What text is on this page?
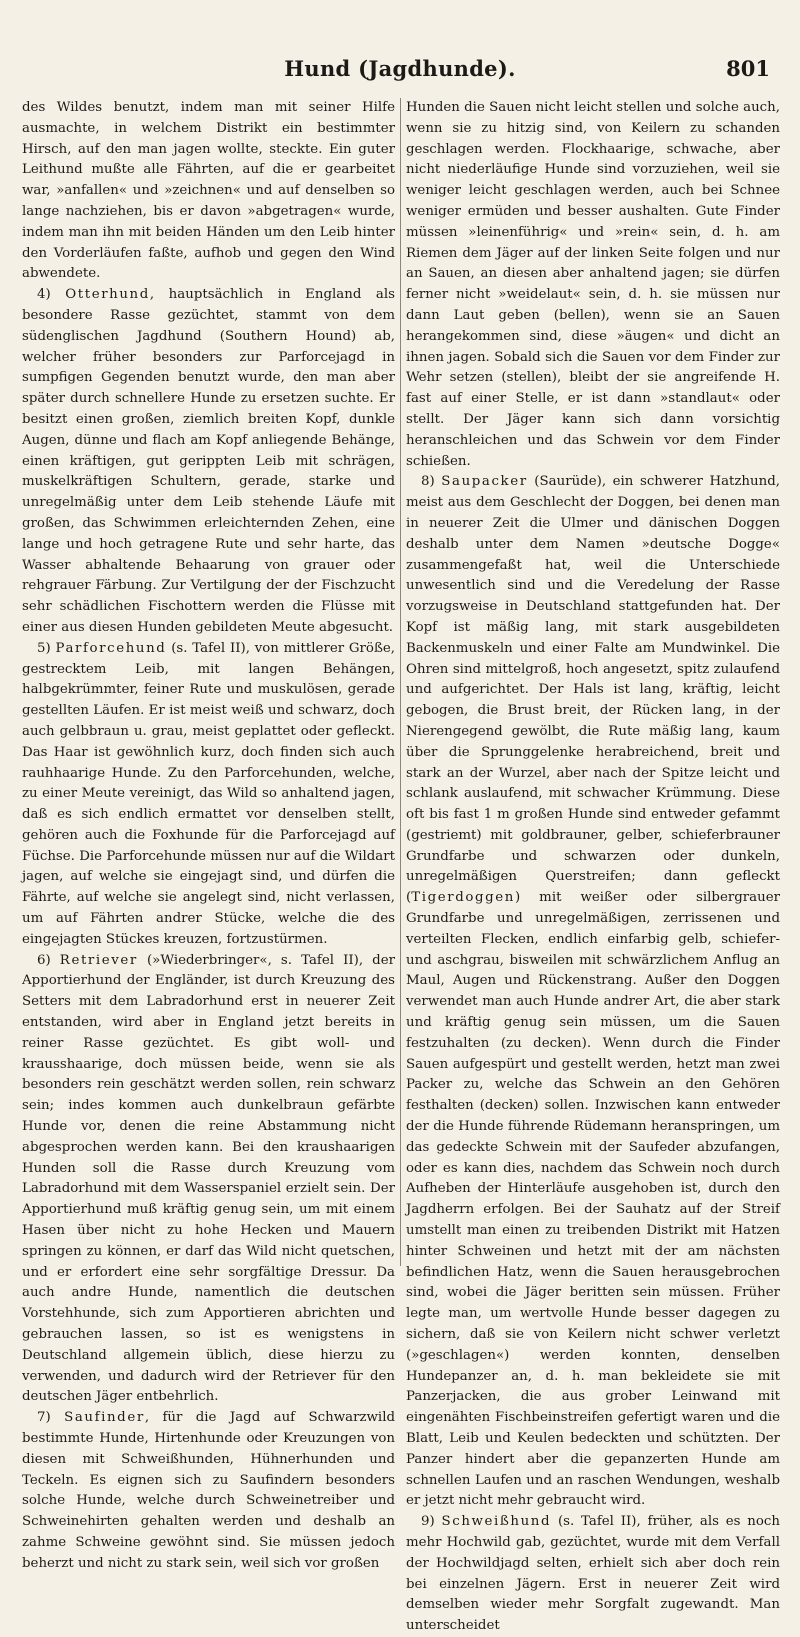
Hund (Jagdhunde).	801

des Wildes benutzt, indem man mit seiner Hilfe ausmachte, in welchem Distrikt ein bestimmter Hirsch, auf den man jagen wollte, steckte. Ein guter Leithund mußte alle Fährten, auf die er gearbeitet war, »anfallen« und »zeichnen« und auf denselben so lange nachziehen, bis er davon »abgetragen« wurde, indem man ihn mit beiden Händen um den Leib hinter den Vorderläufen faßte, aufhob und gegen den Wind abwendete.

4) Otterhund, hauptsächlich in England als besondere Rasse gezüchtet, stammt von dem südenglischen Jagdhund (Southern Hound) ab, welcher früher besonders zur Parforcejagd in sumpfigen Gegenden benutzt wurde, den man aber später durch schnellere Hunde zu ersetzen suchte. Er besitzt einen großen, ziemlich breiten Kopf, dunkle Augen, dünne und flach am Kopf anliegende Behänge, einen kräftigen, gut gerippten Leib mit schrägen, muskelkräftigen Schultern, gerade, starke und unregelmäßig unter dem Leib stehende Läufe mit großen, das Schwimmen erleichternden Zehen, eine lange und hoch getragene Rute und sehr harte, das Wasser abhaltende Behaarung von grauer oder rehgrauer Färbung. Zur Vertilgung der der Fischzucht sehr schädlichen Fischottern werden die Flüsse mit einer aus diesen Hunden gebildeten Meute abgesucht.

5) Parforcehund (s. Tafel II), von mittlerer Größe, gestrecktem Leib, mit langen Behängen, halbgekrümmter, feiner Rute und muskulösen, gerade gestellten Läufen. Er ist meist weiß und schwarz, doch auch gelbbraun u. grau, meist geplattet oder gefleckt. Das Haar ist gewöhnlich kurz, doch finden sich auch rauhhaarige Hunde. Zu den Parforcehunden, welche, zu einer Meute vereinigt, das Wild so anhaltend jagen, daß es sich endlich ermattet vor denselben stellt, gehören auch die Foxhunde für die Parforcejagd auf Füchse. Die Parforcehunde müssen nur auf die Wildart jagen, auf welche sie eingejagt sind, und dürfen die Fährte, auf welche sie angelegt sind, nicht verlassen, um auf Fährten andrer Stücke, welche die des eingejagten Stückes kreuzen, fortzustürmen.

6) Retriever (»Wiederbringer«, s. Tafel II), der Apportierhund der Engländer, ist durch Kreuzung des Setters mit dem Labradorhund erst in neuerer Zeit entstanden, wird aber in England jetzt bereits in reiner Rasse gezüchtet. Es gibt woll- und krausshaarige, doch müssen beide, wenn sie als besonders rein geschätzt werden sollen, rein schwarz sein; indes kommen auch dunkelbraun gefärbte Hunde vor, denen die reine Abstammung nicht abgesprochen werden kann. Bei den kraushaarigen Hunden soll die Rasse durch Kreuzung vom Labradorhund mit dem Wasserspaniel erzielt sein. Der Apportierhund muß kräftig genug sein, um mit einem Hasen über nicht zu hohe Hecken und Mauern springen zu können, er darf das Wild nicht quetschen, und er erfordert eine sehr sorgfältige Dressur. Da auch andre Hunde, namentlich die deutschen Vorstehhunde, sich zum Apportieren abrichten und gebrauchen lassen, so ist es wenigstens in Deutschland allgemein üblich, diese hierzu zu verwenden, und dadurch wird der Retriever für den deutschen Jäger entbehrlich.

7) Saufinder, für die Jagd auf Schwarzwild bestimmte Hunde, Hirtenhunde oder Kreuzungen von diesen mit Schweißhunden, Hühnerhunden und Teckeln. Es eignen sich zu Saufindern besonders solche Hunde, welche durch Schweinetreiber und Schweinehirten gehalten werden und deshalb an zahme Schweine gewöhnt sind. Sie müssen jedoch beherzt und nicht zu stark sein, weil sich vor großen

Hunden die Sauen nicht leicht stellen und solche auch, wenn sie zu hitzig sind, von Keilern zu schanden geschlagen werden. Flockhaarige, schwache, aber nicht niederläufige Hunde sind vorzuziehen, weil sie weniger leicht geschlagen werden, auch bei Schnee weniger ermüden und besser aushalten. Gute Finder müssen »leinenführig« und »rein« sein, d. h. am Riemen dem Jäger auf der linken Seite folgen und nur an Sauen, an diesen aber anhaltend jagen; sie dürfen ferner nicht »weidelaut« sein, d. h. sie müssen nur dann Laut geben (bellen), wenn sie an Sauen herangekommen sind, diese »äugen« und dicht an ihnen jagen. Sobald sich die Sauen vor dem Finder zur Wehr setzen (stellen), bleibt der sie angreifende H. fast auf einer Stelle, er ist dann »standlaut« oder stellt. Der Jäger kann sich dann vorsichtig heranschleichen und das Schwein vor dem Finder schießen.

8) Saupacker (Saurüde), ein schwerer Hatzhund, meist aus dem Geschlecht der Doggen, bei denen man in neuerer Zeit die Ulmer und dänischen Doggen deshalb unter dem Namen »deutsche Dogge« zusammengefaßt hat, weil die Unterschiede unwesentlich sind und die Veredelung der Rasse vorzugsweise in Deutschland stattgefunden hat. Der Kopf ist mäßig lang, mit stark ausgebildeten Backenmuskeln und einer Falte am Mundwinkel. Die Ohren sind mittelgroß, hoch angesetzt, spitz zulaufend und aufgerichtet. Der Hals ist lang, kräftig, leicht gebogen, die Brust breit, der Rücken lang, in der Nierengegend gewölbt, die Rute mäßig lang, kaum über die Sprunggelenke herabreichend, breit und stark an der Wurzel, aber nach der Spitze leicht und schlank auslaufend, mit schwacher Krümmung. Diese oft bis fast 1 m großen Hunde sind entweder gefammt (gestriemt) mit goldbrauner, gelber, schieferbrauner Grundfarbe und schwarzen oder dunkeln, unregelmäßigen Querstreifen; dann gefleckt (Tigerdoggen) mit weißer oder silbergrauer Grundfarbe und unregelmäßigen, zerrissenen und verteilten Flecken, endlich einfarbig gelb, schiefer- und aschgrau, bisweilen mit schwärzlichem Anflug an Maul, Augen und Rückenstrang. Außer den Doggen verwendet man auch Hunde andrer Art, die aber stark und kräftig genug sein müssen, um die Sauen festzuhalten (zu decken). Wenn durch die Finder Sauen aufgespürt und gestellt werden, hetzt man zwei Packer zu, welche das Schwein an den Gehören festhalten (decken) sollen. Inzwischen kann entweder der die Hunde führende Rüdemann heranspringen, um das gedeckte Schwein mit der Saufeder abzufangen, oder es kann dies, nachdem das Schwein noch durch Aufheben der Hinterläufe ausgehoben ist, durch den Jagdherrn erfolgen. Bei der Sauhatz auf der Streif umstellt man einen zu treibenden Distrikt mit Hatzen hinter Schweinen und hetzt mit der am nächsten befindlichen Hatz, wenn die Sauen herausgebrochen sind, wobei die Jäger beritten sein müssen. Früher legte man, um wertvolle Hunde besser dagegen zu sichern, daß sie von Keilern nicht schwer verletzt (»geschlagen«) werden konnten, denselben Hundepanzer an, d. h. man bekleidete sie mit Panzerjacken, die aus grober Leinwand mit eingenähten Fischbeinstreifen gefertigt waren und die Blatt, Leib und Keulen bedeckten und schützten. Der Panzer hindert aber die gepanzerten Hunde am schnellen Laufen und an raschen Wendungen, weshalb er jetzt nicht mehr gebraucht wird.

9) Schweißhund (s. Tafel II), früher, als es noch mehr Hochwild gab, gezüchtet, wurde mit dem Verfall der Hochwildjagd selten, erhielt sich aber doch rein bei einzelnen Jägern. Erst in neuerer Zeit wird demselben wieder mehr Sorgfalt zugewandt. Man unterscheidet
